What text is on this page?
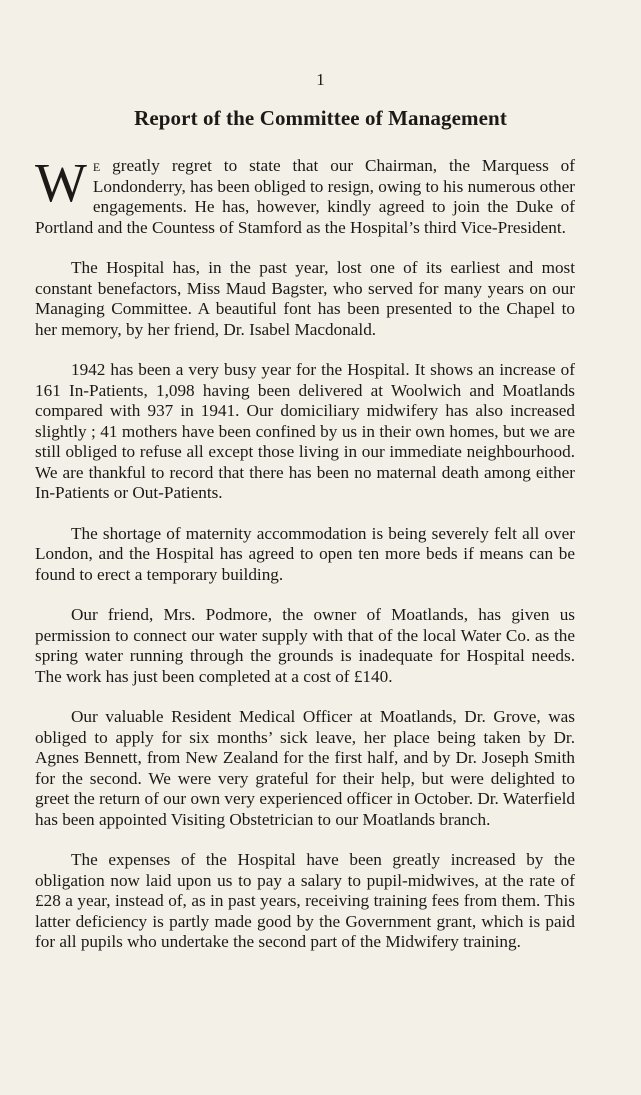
1
Report of the Committee of Management

We greatly regret to state that our Chairman, the Marquess of Londonderry, has been obliged to resign, owing to his numerous other engagements. He has, however, kindly agreed to join the Duke of Portland and the Countess of Stamford as the Hospital’s third Vice-President.

The Hospital has, in the past year, lost one of its earliest and most constant benefactors, Miss Maud Bagster, who served for many years on our Managing Committee. A beautiful font has been presented to the Chapel to her memory, by her friend, Dr. Isabel Macdonald.

1942 has been a very busy year for the Hospital. It shows an increase of 161 In-Patients, 1,098 having been delivered at Woolwich and Moatlands compared with 937 in 1941. Our domiciliary midwifery has also increased slightly ; 41 mothers have been confined by us in their own homes, but we are still obliged to refuse all except those living in our immediate neighbourhood. We are thankful to record that there has been no maternal death among either In-Patients or Out-Patients.

The shortage of maternity accommodation is being severely felt all over London, and the Hospital has agreed to open ten more beds if means can be found to erect a temporary building.

Our friend, Mrs. Podmore, the owner of Moatlands, has given us permission to connect our water supply with that of the local Water Co. as the spring water running through the grounds is inadequate for Hospital needs. The work has just been completed at a cost of £140.

Our valuable Resident Medical Officer at Moatlands, Dr. Grove, was obliged to apply for six months’ sick leave, her place being taken by Dr. Agnes Bennett, from New Zealand for the first half, and by Dr. Joseph Smith for the second. We were very grateful for their help, but were delighted to greet the return of our own very experienced officer in October. Dr. Waterfield has been appointed Visiting Obstetrician to our Moatlands branch.

The expenses of the Hospital have been greatly increased by the obligation now laid upon us to pay a salary to pupil-midwives, at the rate of £28 a year, instead of, as in past years, receiving training fees from them. This latter deficiency is partly made good by the Government grant, which is paid for all pupils who undertake the second part of the Midwifery training.
